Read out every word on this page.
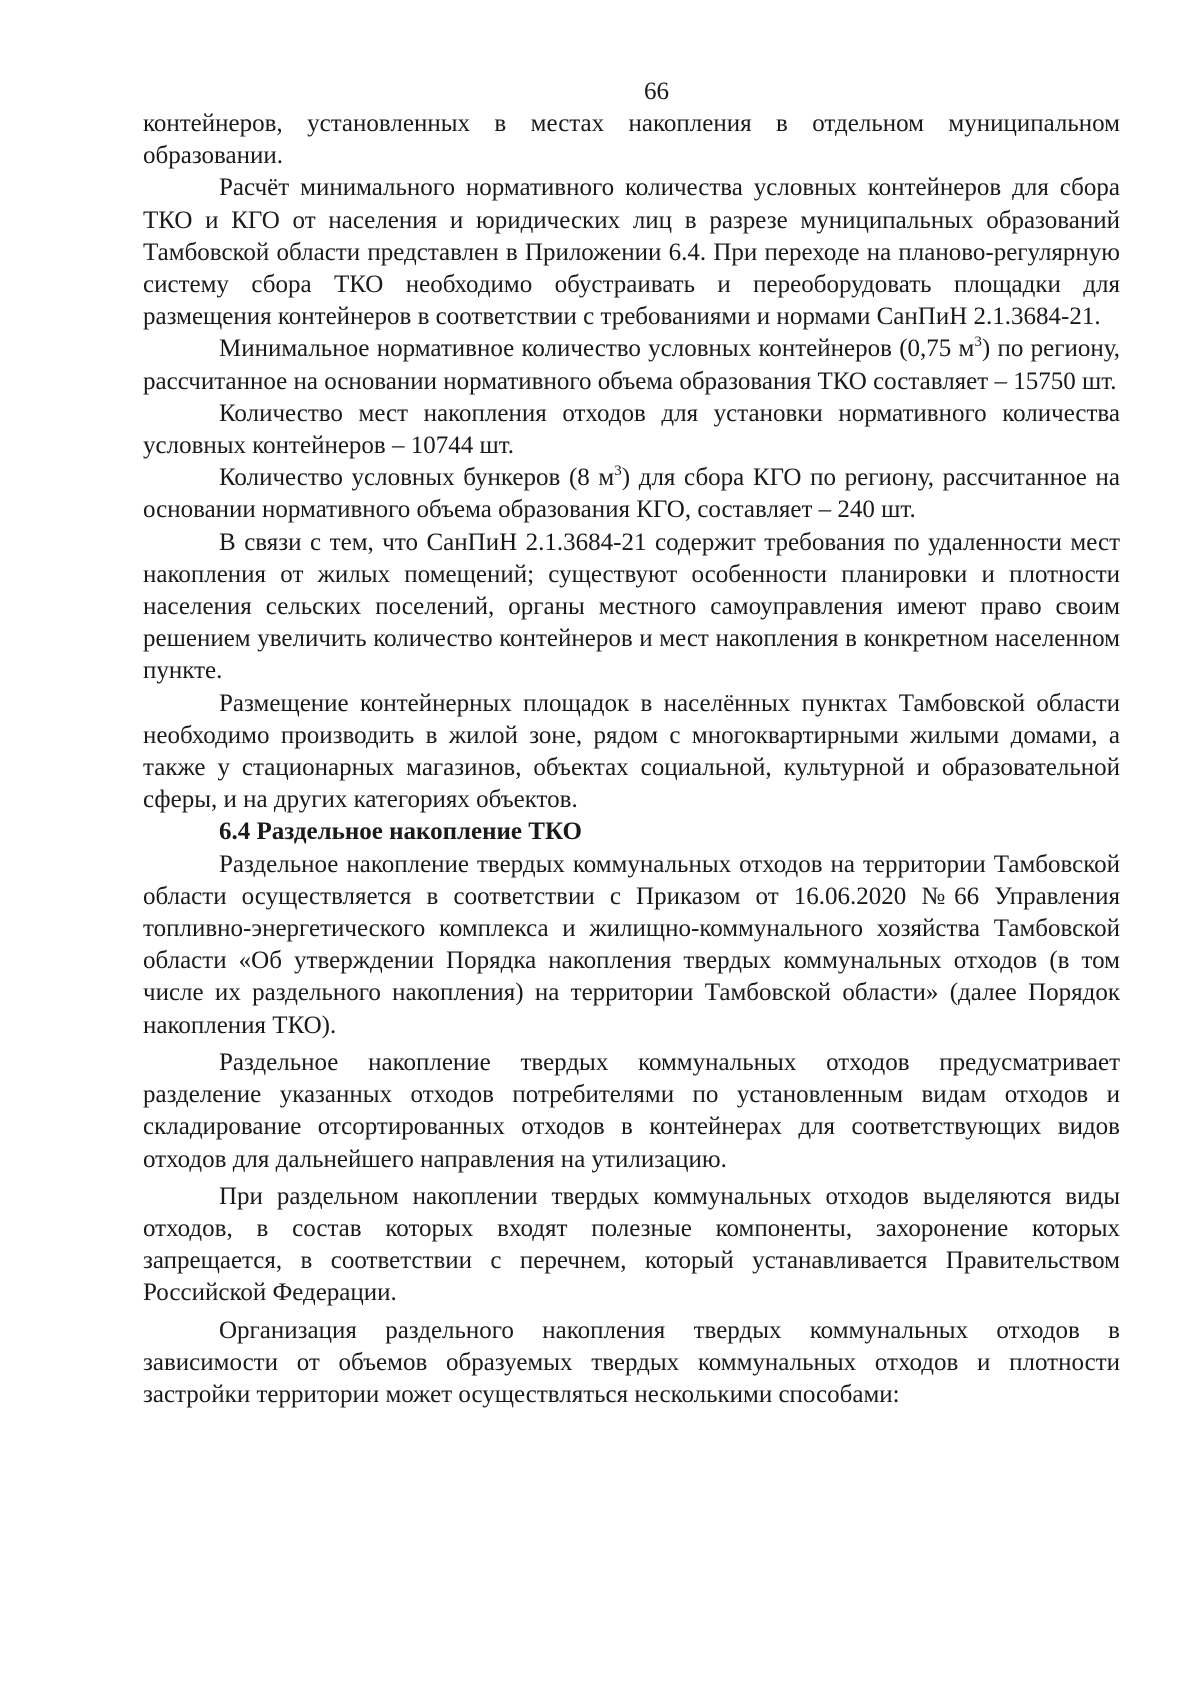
66

контейнеров, установленных в местах накопления в отдельном муниципальном образовании.

Расчёт минимального нормативного количества условных контейнеров для сбора ТКО и КГО от населения и юридических лиц в разрезе муниципальных образований Тамбовской области представлен в Приложении 6.4. При переходе на планово-регулярную систему сбора ТКО необходимо обустраивать и переоборудовать площадки для размещения контейнеров в соответствии с требованиями и нормами СанПиН 2.1.3684-21.

Минимальное нормативное количество условных контейнеров (0,75 $м^3$) по региону, рассчитанное на основании нормативного объема образования ТКО составляет – 15750 шт.

Количество мест накопления отходов для установки нормативного количества условных контейнеров – 10744 шт.

Количество условных бункеров (8 $м^3$) для сбора КГО по региону, рассчитанное на основании нормативного объема образования КГО, составляет – 240 шт.

В связи с тем, что СанПиН 2.1.3684-21 содержит требования по удаленности мест накопления от жилых помещений; существуют особенности планировки и плотности населения сельских поселений, органы местного самоуправления имеют право своим решением увеличить количество контейнеров и мест накопления в конкретном населенном пункте.

Размещение контейнерных площадок в населённых пунктах Тамбовской области необходимо производить в жилой зоне, рядом с многоквартирными жилыми домами, а также у стационарных магазинов, объектах социальной, культурной и образовательной сферы, и на других категориях объектов.

6.4 Раздельное накопление ТКО

Раздельное накопление твердых коммунальных отходов на территории Тамбовской области осуществляется в соответствии с Приказом от 16.06.2020 №66 Управления топливно-энергетического комплекса и жилищно-коммунального хозяйства Тамбовской области «Об утверждении Порядка накопления твердых коммунальных отходов (в том числе их раздельного накопления) на территории Тамбовской области» (далее Порядок накопления ТКО).

Раздельное накопление твердых коммунальных отходов предусматривает разделение указанных отходов потребителями по установленным видам отходов и складирование отсортированных отходов в контейнерах для соответствующих видов отходов для дальнейшего направления на утилизацию.

При раздельном накоплении твердых коммунальных отходов выделяются виды отходов, в состав которых входят полезные компоненты, захоронение которых запрещается, в соответствии с перечнем, который устанавливается Правительством Российской Федерации.

Организация раздельного накопления твердых коммунальных отходов в зависимости от объемов образуемых твердых коммунальных отходов и плотности застройки территории может осуществляться несколькими способами:
